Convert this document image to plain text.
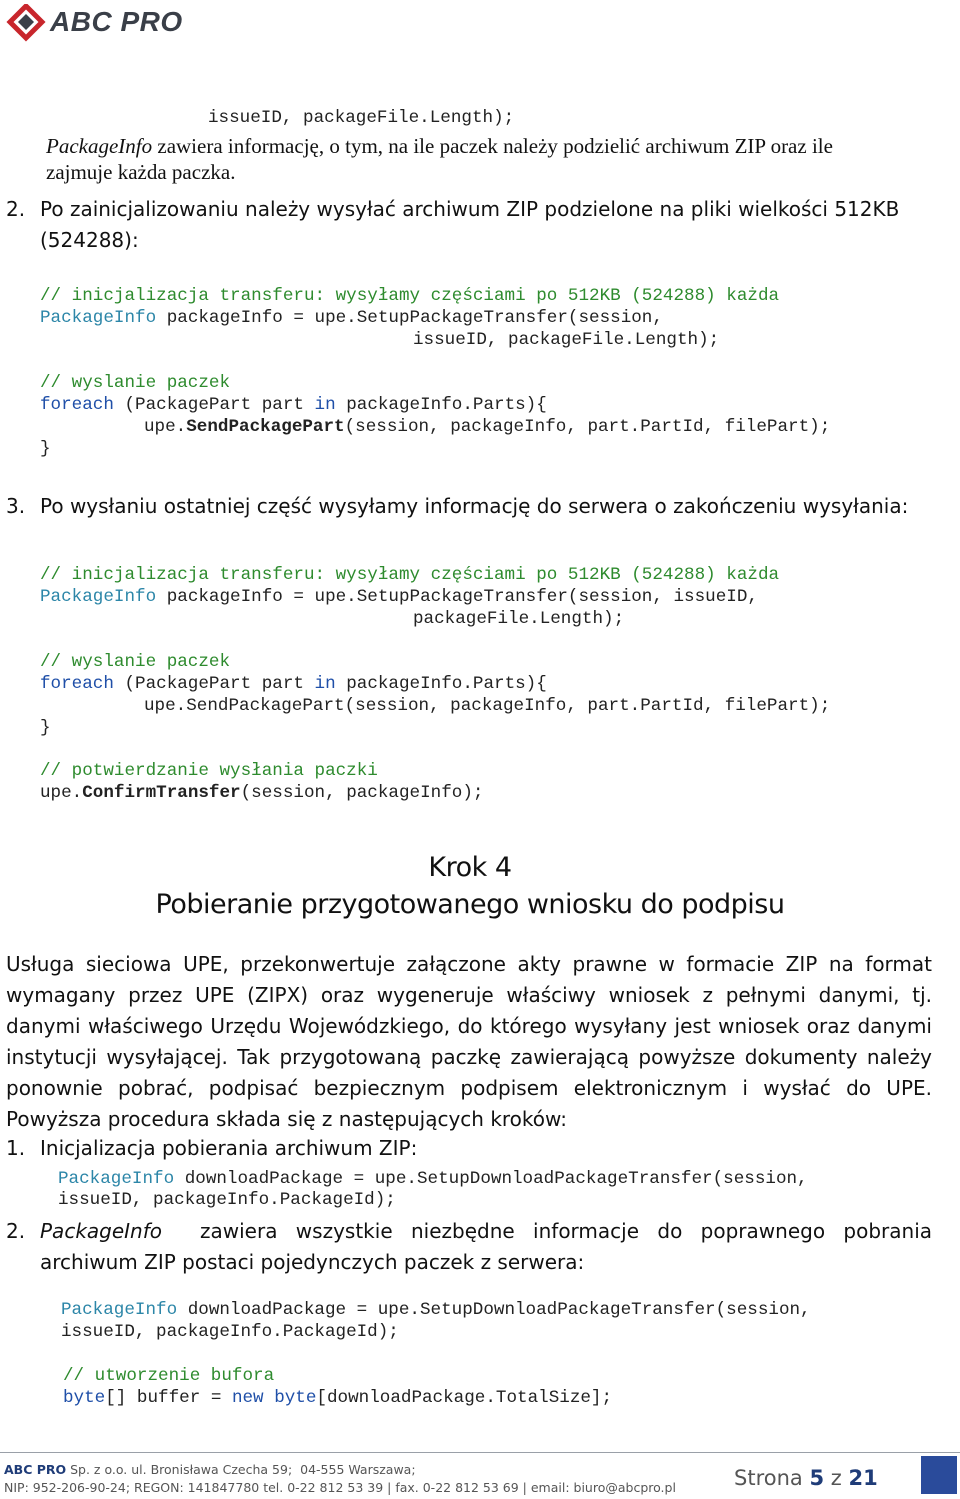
ABC PRO
issueID, packageFile.Length);
PackageInfo zawiera informację, o tym, na ile paczek należy podzielić archiwum ZIP oraz ile
zajmuje każda paczka.
2. Po zainicjalizowaniu należy wysyłać archiwum ZIP podzielone na pliki wielkości 512KB
(524288):
// inicjalizacja transferu: wysyłamy częściami po 512KB (524288) każda
PackageInfo packageInfo = upe.SetupPackageTransfer(session,
issueID, packageFile.Length);
// wyslanie paczek
foreach (PackagePart part in packageInfo.Parts){
upe.SendPackagePart(session, packageInfo, part.PartId, filePart);
}
3. Po wysłaniu ostatniej część wysyłamy informację do serwera o zakończeniu wysyłania:
// inicjalizacja transferu: wysyłamy częściami po 512KB (524288) każda
PackageInfo packageInfo = upe.SetupPackageTransfer(session, issueID,
packageFile.Length);
// wyslanie paczek
foreach (PackagePart part in packageInfo.Parts){
upe.SendPackagePart(session, packageInfo, part.PartId, filePart);
}
// potwierdzanie wysłania paczki
upe.ConfirmTransfer(session, packageInfo);
Krok 4
Pobieranie przygotowanego wniosku do podpisu
Usługa sieciowa UPE, przekonwertuje załączone akty prawne w formacie ZIP na format wymagany przez UPE (ZIPX) oraz wygeneruje właściwy wniosek z pełnymi danymi, tj. danymi właściwego Urzędu Wojewódzkiego, do którego wysyłany jest wniosek oraz danymi instytucji wysyłającej. Tak przygotowaną paczkę zawierającą powyższe dokumenty należy ponownie pobrać, podpisać bezpiecznym podpisem elektronicznym i wysłać do UPE. Powyższa procedura składa się z następujących kroków:
1. Inicjalizacja pobierania archiwum ZIP:
PackageInfo downloadPackage = upe.SetupDownloadPackageTransfer(session,
issueID, packageInfo.PackageId);
2. PackageInfo zawiera wszystkie niezbędne informacje do poprawnego pobrania
archiwum ZIP postaci pojedynczych paczek z serwera:
PackageInfo downloadPackage = upe.SetupDownloadPackageTransfer(session,
issueID, packageInfo.PackageId);
// utworzenie bufora
byte[] buffer = new byte[downloadPackage.TotalSize];
ABC PRO Sp. z o.o. ul. Bronisława Czecha 59;  04-555 Warszawa;
NIP: 952-206-90-24; REGON: 141847780 tel. 0-22 812 53 39 | fax. 0-22 812 53 69 | email: biuro@abcpro.pl	Strona 5 z 21
